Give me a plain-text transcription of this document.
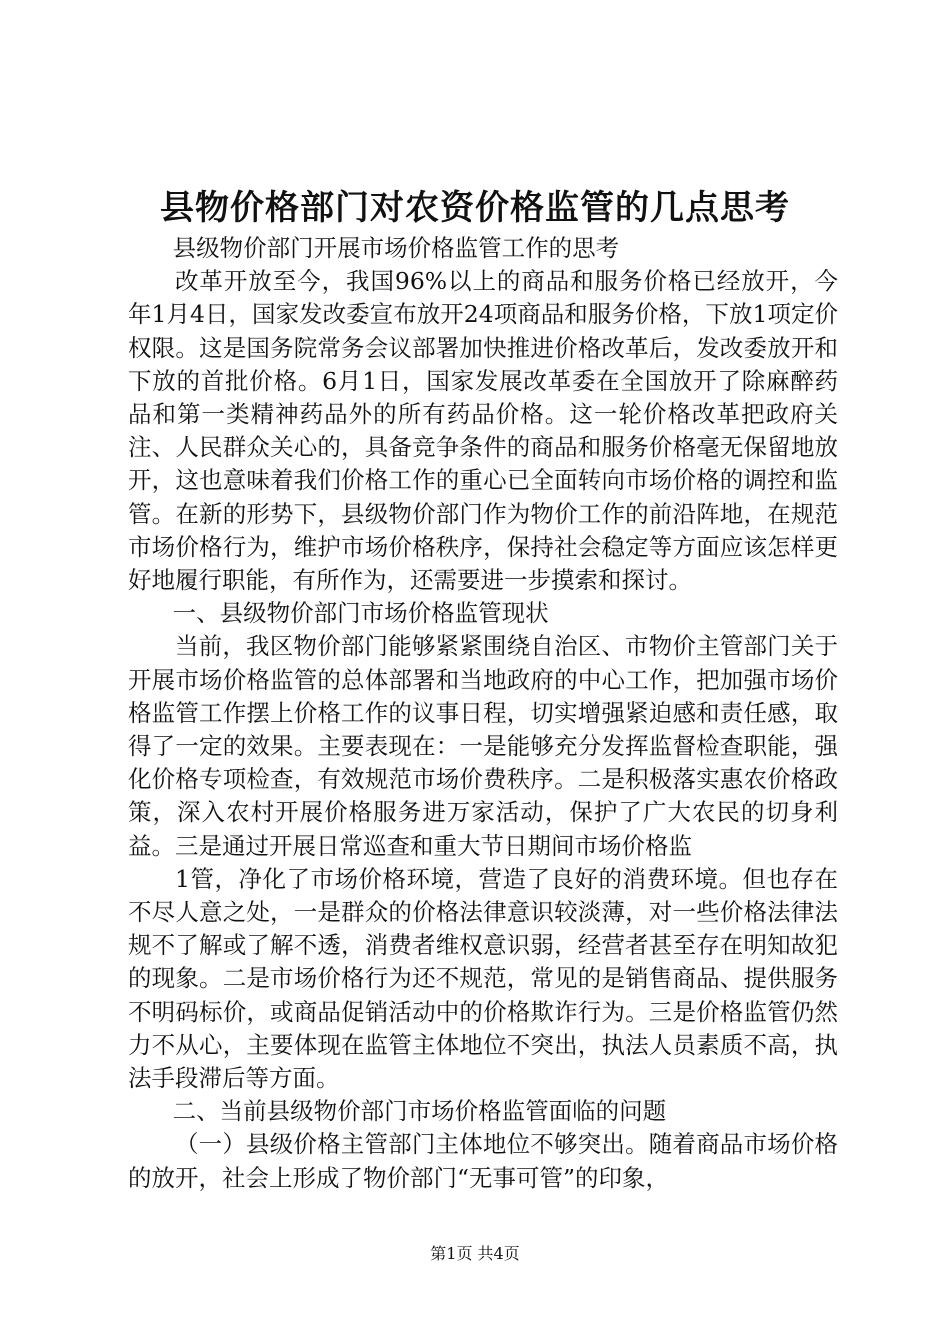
县物价格部门对农资价格监管的几点思考

县级物价部门开展市场价格监管工作的思考

改革开放至今，我国96%以上的商品和服务价格已经放开，今年1月4日，国家发改委宣布放开24项商品和服务价格，下放1项定价权限。这是国务院常务会议部署加快推进价格改革后，发改委放开和下放的首批价格。6月1日，国家发展改革委在全国放开了除麻醉药品和第一类精神药品外的所有药品价格。这一轮价格改革把政府关注、人民群众关心的，具备竞争条件的商品和服务价格毫无保留地放开，这也意味着我们价格工作的重心已全面转向市场价格的调控和监管。在新的形势下，县级物价部门作为物价工作的前沿阵地，在规范市场价格行为，维护市场价格秩序，保持社会稳定等方面应该怎样更好地履行职能，有所作为，还需要进一步摸索和探讨。

一、县级物价部门市场价格监管现状

当前，我区物价部门能够紧紧围绕自治区、市物价主管部门关于开展市场价格监管的总体部署和当地政府的中心工作，把加强市场价格监管工作摆上价格工作的议事日程，切实增强紧迫感和责任感，取得了一定的效果。主要表现在：一是能够充分发挥监督检查职能，强化价格专项检查，有效规范市场价费秩序。二是积极落实惠农价格政策，深入农村开展价格服务进万家活动，保护了广大农民的切身利益。三是通过开展日常巡查和重大节日期间市场价格监

1管，净化了市场价格环境，营造了良好的消费环境。但也存在不尽人意之处，一是群众的价格法律意识较淡薄，对一些价格法律法规不了解或了解不透，消费者维权意识弱，经营者甚至存在明知故犯的现象。二是市场价格行为还不规范，常见的是销售商品、提供服务不明码标价，或商品促销活动中的价格欺诈行为。三是价格监管仍然力不从心，主要体现在监管主体地位不突出，执法人员素质不高，执法手段滞后等方面。

二、当前县级物价部门市场价格监管面临的问题

（一）县级价格主管部门主体地位不够突出。随着商品市场价格的放开，社会上形成了物价部门“无事可管”的印象，

第1页 共4页
